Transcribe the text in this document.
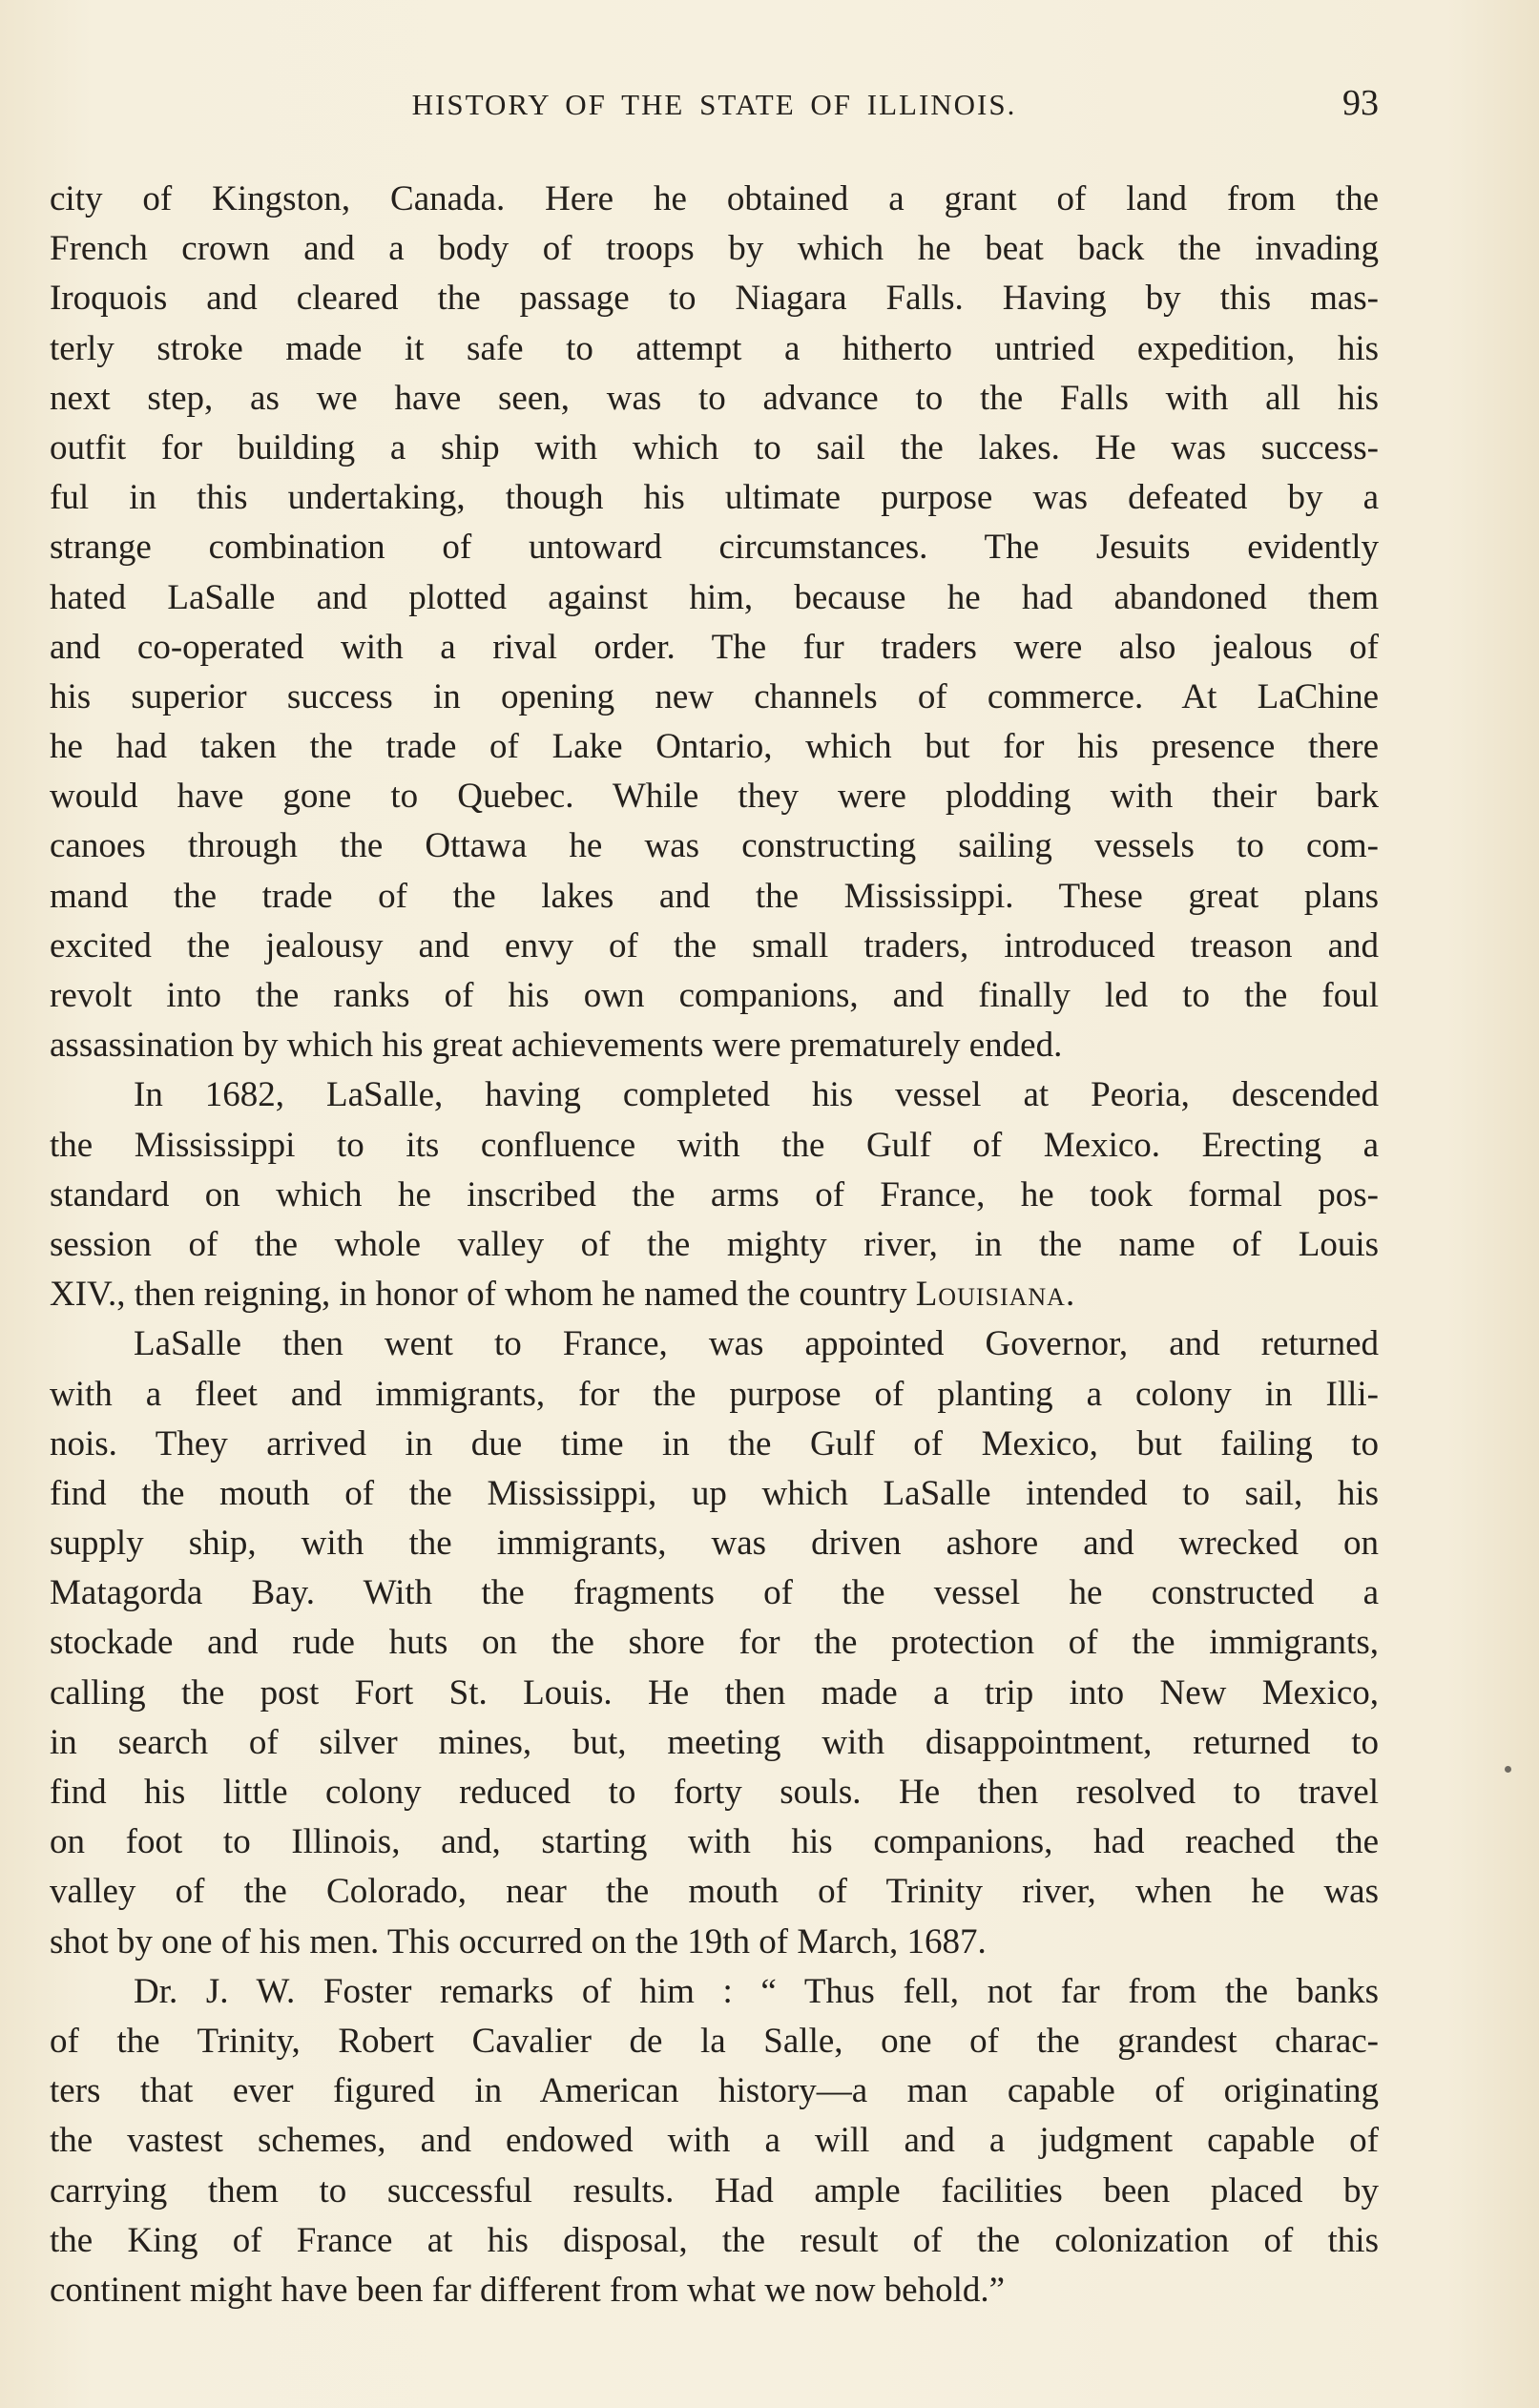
HISTORY OF THE STATE OF ILLINOIS.	93
city of Kingston, Canada. Here he obtained a grant of land from the
French crown and a body of troops by which he beat back the invading
Iroquois and cleared the passage to Niagara Falls. Having by this mas-
terly stroke made it safe to attempt a hitherto untried expedition, his
next step, as we have seen, was to advance to the Falls with all his
outfit for building a ship with which to sail the lakes. He was success-
ful in this undertaking, though his ultimate purpose was defeated by a
strange combination of untoward circumstances. The Jesuits evidently
hated LaSalle and plotted against him, because he had abandoned them
and co-operated with a rival order. The fur traders were also jealous of
his superior success in opening new channels of commerce. At LaChine
he had taken the trade of Lake Ontario, which but for his presence there
would have gone to Quebec. While they were plodding with their bark
canoes through the Ottawa he was constructing sailing vessels to com-
mand the trade of the lakes and the Mississippi. These great plans
excited the jealousy and envy of the small traders, introduced treason and
revolt into the ranks of his own companions, and finally led to the foul
assassination by which his great achievements were prematurely ended.
In 1682, LaSalle, having completed his vessel at Peoria, descended
the Mississippi to its confluence with the Gulf of Mexico. Erecting a
standard on which he inscribed the arms of France, he took formal pos-
session of the whole valley of the mighty river, in the name of Louis
XIV., then reigning, in honor of whom he named the country Louisiana.
LaSalle then went to France, was appointed Governor, and returned
with a fleet and immigrants, for the purpose of planting a colony in Illi-
nois. They arrived in due time in the Gulf of Mexico, but failing to
find the mouth of the Mississippi, up which LaSalle intended to sail, his
supply ship, with the immigrants, was driven ashore and wrecked on
Matagorda Bay. With the fragments of the vessel he constructed a
stockade and rude huts on the shore for the protection of the immigrants,
calling the post Fort St. Louis. He then made a trip into New Mexico,
in search of silver mines, but, meeting with disappointment, returned to
find his little colony reduced to forty souls. He then resolved to travel
on foot to Illinois, and, starting with his companions, had reached the
valley of the Colorado, near the mouth of Trinity river, when he was
shot by one of his men. This occurred on the 19th of March, 1687.
Dr. J. W. Foster remarks of him : “ Thus fell, not far from the banks
of the Trinity, Robert Cavalier de la Salle, one of the grandest charac-
ters that ever figured in American history—a man capable of originating
the vastest schemes, and endowed with a will and a judgment capable of
carrying them to successful results. Had ample facilities been placed by
the King of France at his disposal, the result of the colonization of this
continent might have been far different from what we now behold.”
